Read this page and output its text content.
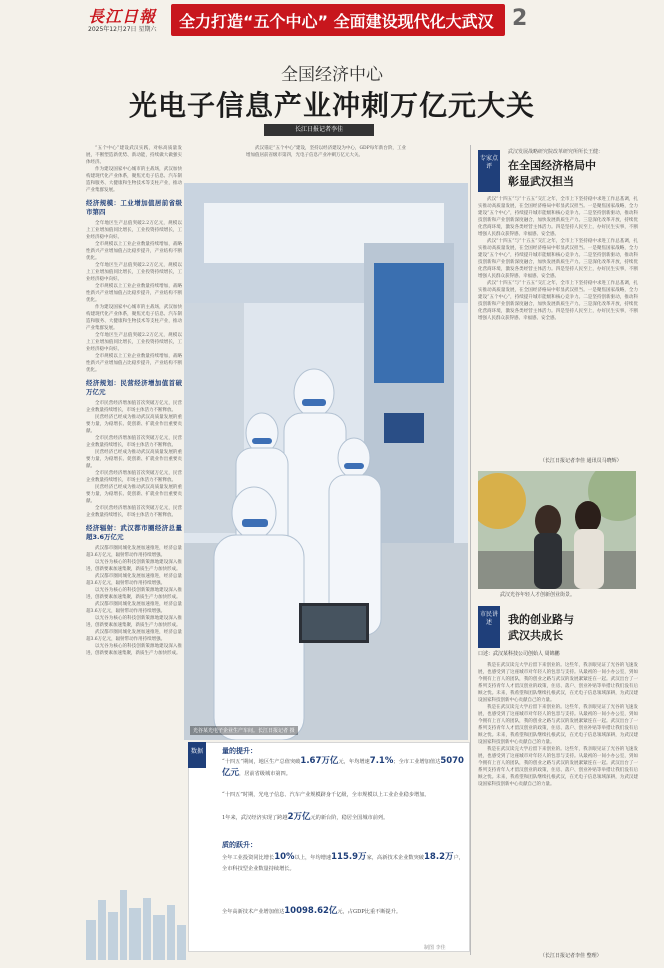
長江日報
2025年12月27日 星期六 全力打造“五个中心” 全面建设现代化大武汉 2
全国经济中心
光电子信息产业冲刺万亿元大关
长江日报记者李佳

“五个中心”建设武汉实践，对标高质量发展，不断塑造新优势、新动能，持续做大做强实体经济。

作为建设国家中心城市的主战场，武汉加快构建现代化产业体系，聚焦光电子信息、汽车制造和服务、大健康和生物技术等支柱产业，推动产业集群发展。

经济规模：工业增加值居前省级市第四

全年地区生产总值突破2.2万亿元，规模以上工业增加值同比增长，工业投资持续增长，工业经济稳中向好。

全市规模以上工业企业数量持续增加，战略性新兴产业增加值占比稳步提升，产业结构不断优化。

全年地区生产总值突破2.2万亿元，规模以上工业增加值同比增长，工业投资持续增长，工业经济稳中向好。

全市规模以上工业企业数量持续增加，战略性新兴产业增加值占比稳步提升，产业结构不断优化。

作为建设国家中心城市的主战场，武汉加快构建现代化产业体系，聚焦光电子信息、汽车制造和服务、大健康和生物技术等支柱产业，推动产业集群发展。

全年地区生产总值突破2.2万亿元，规模以上工业增加值同比增长，工业投资持续增长，工业经济稳中向好。

全市规模以上工业企业数量持续增加，战略性新兴产业增加值占比稳步提升，产业结构不断优化。

经济规划：民营经济增加值首破万亿元

全市民营经济增加值首次突破万亿元，民营企业数量持续增长，市场主体活力不断释放。

民营经济已经成为推动武汉高质量发展的重要力量，为稳增长、促创新、扩就业作出重要贡献。

全市民营经济增加值首次突破万亿元，民营企业数量持续增长，市场主体活力不断释放。

民营经济已经成为推动武汉高质量发展的重要力量，为稳增长、促创新、扩就业作出重要贡献。

全市民营经济增加值首次突破万亿元，民营企业数量持续增长，市场主体活力不断释放。

民营经济已经成为推动武汉高质量发展的重要力量，为稳增长、促创新、扩就业作出重要贡献。

全市民营经济增加值首次突破万亿元，民营企业数量持续增长，市场主体活力不断释放。

经济辐射：武汉都市圈经济总量超3.6万亿元

武汉都市圈同城化发展加速推进，经济总量超3.6万亿元，辐射带动作用持续增强。

以光谷为核心的科技创新策源地建设深入推进，创新要素加速集聚，新质生产力加快形成。

武汉都市圈同城化发展加速推进，经济总量超3.6万亿元，辐射带动作用持续增强。

以光谷为核心的科技创新策源地建设深入推进，创新要素加速集聚，新质生产力加快形成。

武汉都市圈同城化发展加速推进，经济总量超3.6万亿元，辐射带动作用持续增强。

以光谷为核心的科技创新策源地建设深入推进，创新要素加速集聚，新质生产力加快形成。

武汉都市圈同城化发展加速推进，经济总量超3.6万亿元，辐射带动作用持续增强。

以光谷为核心的科技创新策源地建设深入推进，创新要素加速集聚，新质生产力加快形成。

武汉锚定“五个中心”建设，坚持以经济建设为中心，GDP每年新台阶，工业增加值居前省级市第四，光电子信息产业冲刺万亿元大关。

光谷某光电子企业生产车间。长江日报记者 摄
数据	量的提升：
“十四五”期间，地区生产总值突破1.67万亿元，年均增速7.1%；全市工业增加值达5070亿元，居前省级城市第四。
“十四五”时期，光电子信息、汽车产业规模跻身千亿级，全市规模以上工业企业稳步增加。
1年来，武汉经济实现了跨越2万亿元的新台阶，稳居全国城市前列。
质的跃升：
全年工业投资同比增长10%以上，年均增速115.9万家，高新技术企业数突破18.2万户，全市科技型企业数量持续增长。
全年高新技术产业增加值达10098.62亿元，占GDP比重不断提升。
制图 李佳
武汉发展战略研究院改革研究所所长王健：
专家点评	在全国经济格局中
彰显武汉担当

武汉“十四五”与“十五五”交汇之年，全市上下坚持稳中求进工作总基调，扎实推动高质量发展，在全国经济格局中彰显武汉担当。一是聚焦国家战略，全力建设“五个中心”，持续提升城市能级和核心竞争力。二是坚持创新驱动，推动科技创新和产业创新深度融合，加快发展新质生产力。三是深化改革开放，持续优化营商环境，激发各类经营主体活力。四是坚持人民至上，办好民生实事，不断增强人民群众获得感、幸福感、安全感。

武汉“十四五”与“十五五”交汇之年，全市上下坚持稳中求进工作总基调，扎实推动高质量发展，在全国经济格局中彰显武汉担当。一是聚焦国家战略，全力建设“五个中心”，持续提升城市能级和核心竞争力。二是坚持创新驱动，推动科技创新和产业创新深度融合，加快发展新质生产力。三是深化改革开放，持续优化营商环境，激发各类经营主体活力。四是坚持人民至上，办好民生实事，不断增强人民群众获得感、幸福感、安全感。

武汉“十四五”与“十五五”交汇之年，全市上下坚持稳中求进工作总基调，扎实推动高质量发展，在全国经济格局中彰显武汉担当。一是聚焦国家战略，全力建设“五个中心”，持续提升城市能级和核心竞争力。二是坚持创新驱动，推动科技创新和产业创新深度融合，加快发展新质生产力。三是深化改革开放，持续优化营商环境，激发各类经营主体活力。四是坚持人民至上，办好民生实事，不断增强人民群众获得感、幸福感、安全感。

（长江日报记者李佳 通讯员马晓辉）
武汉光谷年轻人才创新创业街景。
市民讲述	我的创业路与
武汉共成长
口述：武汉某科技公司创始人 周锦鹏

我是在武汉读完大学后留下来创业的。这些年，我亲眼见证了光谷的飞速发展，也感受到了这座城市对年轻人的包容与支持。从最初的一间小办公室，到如今拥有上百人的团队，我的创业之路与武汉的发展紧紧连在一起。武汉出台了一系列支持青年人才留汉创业的政策，住房、落户、创业补贴等举措让我们没有后顾之忧。未来，我希望和团队继续扎根武汉，在光电子信息领域深耕，为武汉建设国家科技创新中心贡献自己的力量。

我是在武汉读完大学后留下来创业的。这些年，我亲眼见证了光谷的飞速发展，也感受到了这座城市对年轻人的包容与支持。从最初的一间小办公室，到如今拥有上百人的团队，我的创业之路与武汉的发展紧紧连在一起。武汉出台了一系列支持青年人才留汉创业的政策，住房、落户、创业补贴等举措让我们没有后顾之忧。未来，我希望和团队继续扎根武汉，在光电子信息领域深耕，为武汉建设国家科技创新中心贡献自己的力量。

我是在武汉读完大学后留下来创业的。这些年，我亲眼见证了光谷的飞速发展，也感受到了这座城市对年轻人的包容与支持。从最初的一间小办公室，到如今拥有上百人的团队，我的创业之路与武汉的发展紧紧连在一起。武汉出台了一系列支持青年人才留汉创业的政策，住房、落户、创业补贴等举措让我们没有后顾之忧。未来，我希望和团队继续扎根武汉，在光电子信息领域深耕，为武汉建设国家科技创新中心贡献自己的力量。

（长江日报记者李佳 整理）
